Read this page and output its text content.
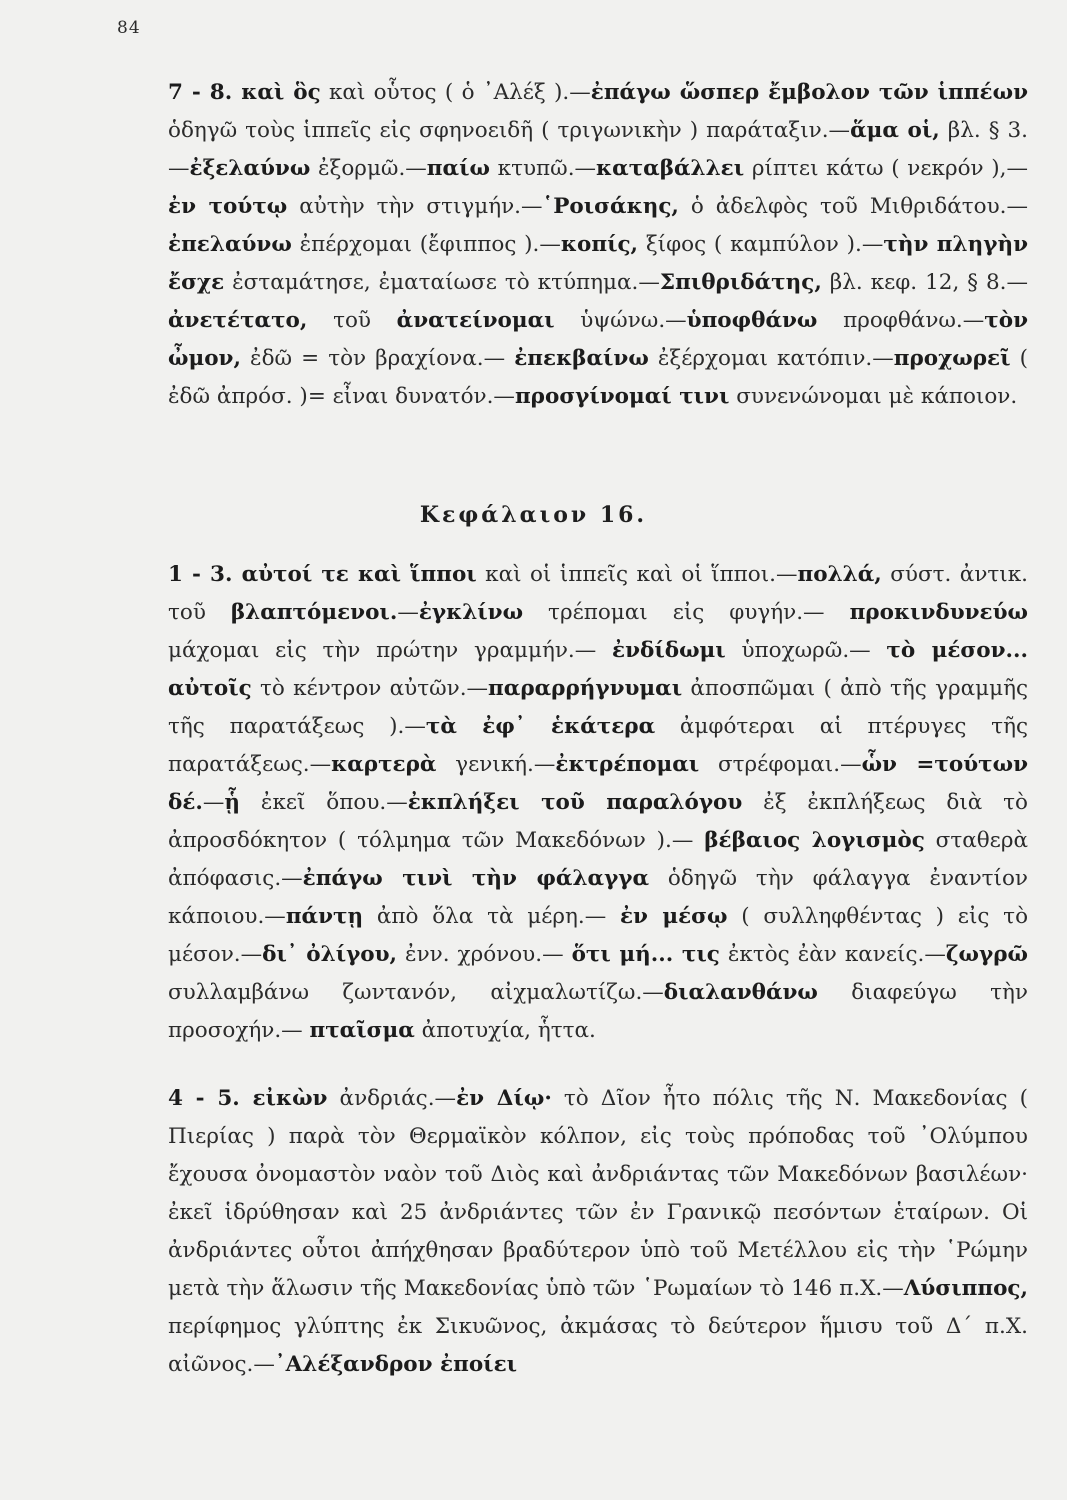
84
7 - 8. καὶ ὃς καὶ οὗτος ( ὁ ᾿Αλέξ ).—ἐπάγω ὥσπερ ἔμβολον τῶν ἱππέων ὁδηγῶ τοὺς ἱππεῖς εἰς σφηνοειδῆ ( τριγωνικὴν ) παράταξιν.—ἅμα οἱ, βλ. § 3.—ἐξελαύνω ἐξορμῶ.—παίω κτυπῶ.—καταβάλλει ρίπτει κάτω ( νεκρόν ),—ἐν τούτῳ αὐτὴν τὴν στιγμήν.—῾Ροισάκης, ὁ ἀδελφὸς τοῦ Μιθριδάτου.—ἐπελαύνω ἐπέρχομαι (ἔφιππος ).—κοπίς, ξίφος ( καμπύλον ).—τὴν πληγὴν ἔσχε ἐσταμάτησε, ἐματαίωσε τὸ κτύπημα.—Σπιθριδάτης, βλ. κεφ. 12, § 8.—ἀνετέτατο, τοῦ ἀνατείνομαι ὑψώνω.—ὑποφθάνω προφθάνω.—τὸν ὦμον, ἐδῶ = τὸν βραχίονα.— ἐπεκβαίνω ἐξέρχομαι κατόπιν.—προχωρεῖ ( ἐδῶ ἀπρόσ. )= εἶναι δυνατόν.—προσγίνομαί τινι συνενώνομαι μὲ κάποιον.
Κεφάλαιον 16.
1 - 3. αὐτοί τε καὶ ἵπποι καὶ οἱ ἱππεῖς καὶ οἱ ἵπποι.—πολλά, σύστ. ἀντικ. τοῦ βλαπτόμενοι.—ἐγκλίνω τρέπομαι εἰς φυγήν.— προκινδυνεύω μάχομαι εἰς τὴν πρώτην γραμμήν.— ἐνδίδωμι ὑποχωρῶ.— τὸ μέσον... αὐτοῖς τὸ κέντρον αὐτῶν.—παραρρήγνυμαι ἀποσπῶμαι ( ἀπὸ τῆς γραμμῆς τῆς παρατάξεως ).—τὰ ἐφ᾿ ἑκάτερα ἀμφότεραι αἱ πτέρυγες τῆς παρατάξεως.—καρτερὰ γενική.—ἐκτρέπομαι στρέφομαι.—ὧν =τούτων δέ.—ᾗ ἐκεῖ ὅπου.—ἐκπλήξει τοῦ παραλόγου ἐξ ἐκπλήξεως διὰ τὸ ἀπροσδόκητον ( τόλμημα τῶν Μακεδόνων ).— βέβαιος λογισμὸς σταθερὰ ἀπόφασις.—ἐπάγω τινὶ τὴν φάλαγγα ὁδηγῶ τὴν φάλαγγα ἐναντίον κάποιου.—πάντῃ ἀπὸ ὅλα τὰ μέρη.— ἐν μέσῳ ( συλληφθέντας ) εἰς τὸ μέσον.—δι᾿ ὀλίγου, ἐνν. χρόνου.— ὅτι μή... τις ἐκτὸς ἐὰν κανείς.—ζωγρῶ συλλαμβάνω ζωντανόν, αἰχμαλωτίζω.—διαλανθάνω διαφεύγω τὴν προσοχήν.— πταῖσμα ἀποτυχία, ἧττα.
4 - 5. εἰκὼν ἀνδριάς.—ἐν Δίῳ· τὸ Δῖον ἦτο πόλις τῆς Ν. Μακεδονίας ( Πιερίας ) παρὰ τὸν Θερμαϊκὸν κόλπον, εἰς τοὺς πρόποδας τοῦ ᾿Ολύμπου ἔχουσα ὀνομαστὸν ναὸν τοῦ Διὸς καὶ ἀνδριάντας τῶν Μακεδόνων βασιλέων· ἐκεῖ ἱδρύθησαν καὶ 25 ἀνδριάντες τῶν ἐν Γρανικῷ πεσόντων ἑταίρων. Οἱ ἀνδριάντες οὗτοι ἀπήχθησαν βραδύτερον ὑπὸ τοῦ Μετέλλου εἰς τὴν ῾Ρώμην μετὰ τὴν ἅλωσιν τῆς Μακεδονίας ὑπὸ τῶν ῾Ρωμαίων τὸ 146 π.Χ.—Λύσιππος, περίφημος γλύπτης ἐκ Σικυῶνος, ἀκμάσας τὸ δεύτερον ἥμισυ τοῦ Δ΄ π.Χ. αἰῶνος.—᾿Αλέξανδρον ἐποίει
